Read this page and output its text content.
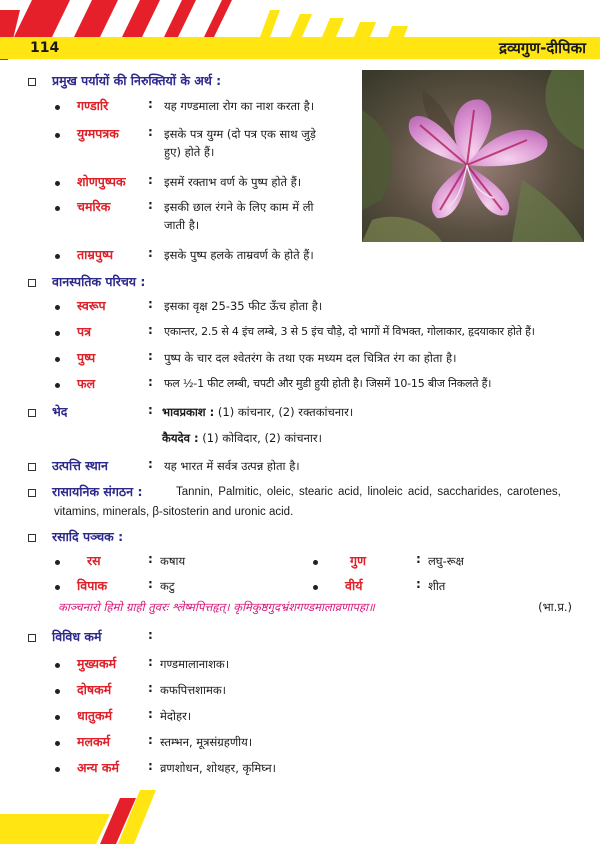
114	द्रव्यगुण-दीपिका
प्रमुख पर्यायों की निरुक्तियों के अर्थ :
गण्डारि	: यह गण्डमाला रोग का नाश करता है।
युग्मपत्रक : इसके पत्र युग्म (दो पत्र एक साथ जुड़े
हुए) होते हैं।
शोणपुष्पक : इसमें रक्ताभ वर्ण के पुष्प होते हैं।
चमरिक	: इसकी छाल रंगने के लिए काम में ली
जाती है।
ताम्रपुष्प	: इसके पुष्प हलके ताम्रवर्ण के होते हैं।
वानस्पतिक परिचय :
स्वरूप	: इसका वृक्ष 25-35 फीट ऊँच होता है।
पत्र	: एकान्तर, 2.5 से 4 इंच लम्बे, 3 से 5 इंच चौड़े, दो भागों में विभक्त, गोलाकार, हृदयाकार होते हैं।
पुष्प	: पुष्प के चार दल श्वेतरंग के तथा एक मध्यम दल चित्रित रंग का होता है।
फल	: फल ½-1 फीट लम्बी, चपटी और मुडी हुयी होती है। जिसमें 10-15 बीज निकलते हैं।
भेद	: भावप्रकाश : (1) कांचनार, (2) रक्तकांचनार।
कैयदेव : (1) कोविदार, (2) कांचनार।
उत्पत्ति स्थान	: यह भारत में सर्वत्र उत्पन्न होता है।
रासायनिक संगठन :	Tannin, Palmitic, oleic, stearic acid, linoleic acid, saccharides, carotenes,
vitamins, minerals, β-sitosterin and uronic acid.
रसादि पञ्चक :
रस	: कषाय	गुण	: लघु-रूक्ष
विपाक	: कटु	वीर्य	: शीत
काञ्चनारो हिमो ग्राही तुवरः श्लेष्मपित्तहृत्। कृमिकुष्ठगुदभ्रंशगण्डमालाव्रणापहा॥	(भा.प्र.)
विविध कर्म	:
मुख्यकर्म	: गण्डमालानाशक।
दोषकर्म	: कफपित्तशामक।
धातुकर्म	: मेदोहर।
मलकर्म	: स्तम्भन, मूत्रसंग्रहणीय।
अन्य कर्म : व्रणशोधन, शोथहर, कृमिघ्न।
